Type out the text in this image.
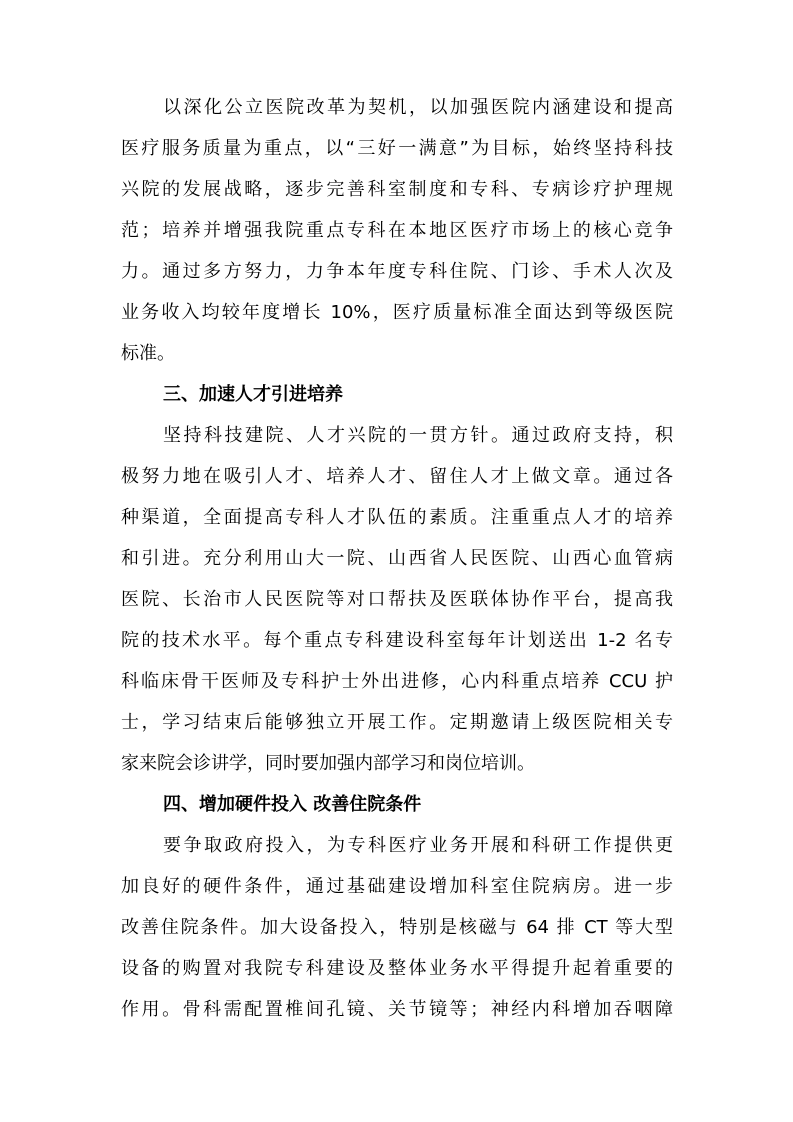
以深化公立医院改革为契机，以加强医院内涵建设和提高
医疗服务质量为重点，以“三好一满意”为目标，始终坚持科技
兴院的发展战略，逐步完善科室制度和专科、专病诊疗护理规
范；培养并增强我院重点专科在本地区医疗市场上的核心竞争
力。通过多方努力，力争本年度专科住院、门诊、手术人次及
业务收入均较年度增长 10%，医疗质量标准全面达到等级医院
标准。
三、加速人才引进培养
坚持科技建院、人才兴院的一贯方针。通过政府支持，积
极努力地在吸引人才、培养人才、留住人才上做文章。通过各
种渠道，全面提高专科人才队伍的素质。注重重点人才的培养
和引进。充分利用山大一院、山西省人民医院、山西心血管病
医院、长治市人民医院等对口帮扶及医联体协作平台，提高我
院的技术水平。每个重点专科建设科室每年计划送出 1-2 名专
科临床骨干医师及专科护士外出进修，心内科重点培养 CCU 护
士，学习结束后能够独立开展工作。定期邀请上级医院相关专
家来院会诊讲学，同时要加强内部学习和岗位培训。
四、增加硬件投入 改善住院条件
要争取政府投入，为专科医疗业务开展和科研工作提供更
加良好的硬件条件，通过基础建设增加科室住院病房。进一步
改善住院条件。加大设备投入，特别是核磁与 64 排 CT 等大型
设备的购置对我院专科建设及整体业务水平得提升起着重要的
作用。骨科需配置椎间孔镜、关节镜等；神经内科增加吞咽障
